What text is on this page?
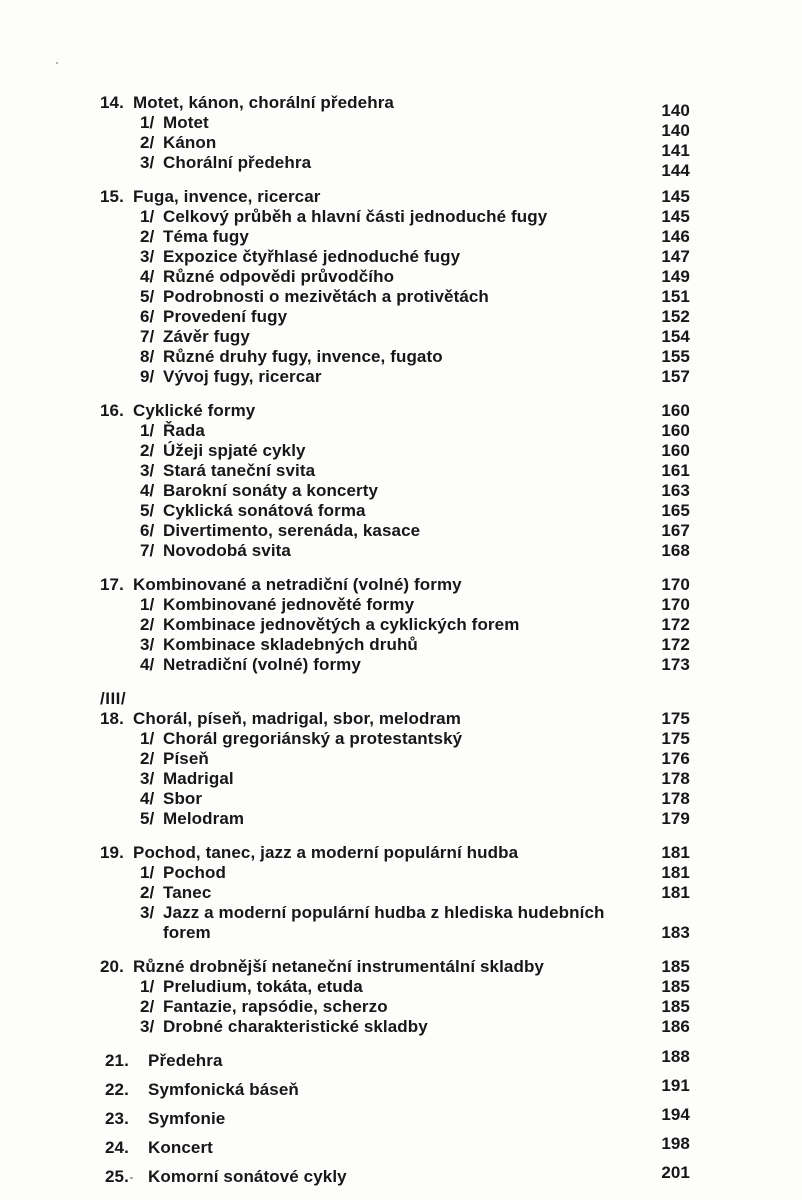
14. Motet, kánon, chorální předehra	140
1/ Motet	140
2/ Kánon	141
3/ Chorální předehra	144
15. Fuga, invence, ricercar	145
1/ Celkový průběh a hlavní části jednoduché fugy	145
2/ Téma fugy	146
3/ Expozice čtyřhlasé jednoduché fugy	147
4/ Různé odpovědi průvodčího	149
5/ Podrobnosti o mezivětách a protivětách	151
6/ Provedení fugy	152
7/ Závěr fugy	154
8/ Různé druhy fugy, invence, fugato	155
9/ Vývoj fugy, ricercar	157
16. Cyklické formy	160
1/ Řada	160
2/ Úžeji spjaté cykly	160
3/ Stará taneční svita	161
4/ Barokní sonáty a koncerty	163
5/ Cyklická sonátová forma	165
6/ Divertimento, serenáda, kasace	167
7/ Novodobá svita	168
17. Kombinované a netradiční (volné) formy	170
1/ Kombinované jednověté formy	170
2/ Kombinace jednovětých a cyklických forem	172
3/ Kombinace skladebných druhů	172
4/ Netradiční (volné) formy	173
/III/
18. Chorál, píseň, madrigal, sbor, melodram	175
1/ Chorál gregoriánský a protestantský	175
2/ Píseň	176
3/ Madrigal	178
4/ Sbor	178
5/ Melodram	179
19. Pochod, tanec, jazz a moderní populární hudba	181
1/ Pochod	181
2/ Tanec	181
3/ Jazz a moderní populární hudba z hlediska hudebních
forem	183
20. Různé drobnější netaneční instrumentální skladby	185
1/ Preludium, tokáta, etuda	185
2/ Fantazie, rapsódie, scherzo	185
3/ Drobné charakteristické skladby	186
21.	Předehra	188
22.	Symfonická báseň	191
23.	Symfonie	194
24.	Koncert	198
25.	Komorní sonátové cykly	201
